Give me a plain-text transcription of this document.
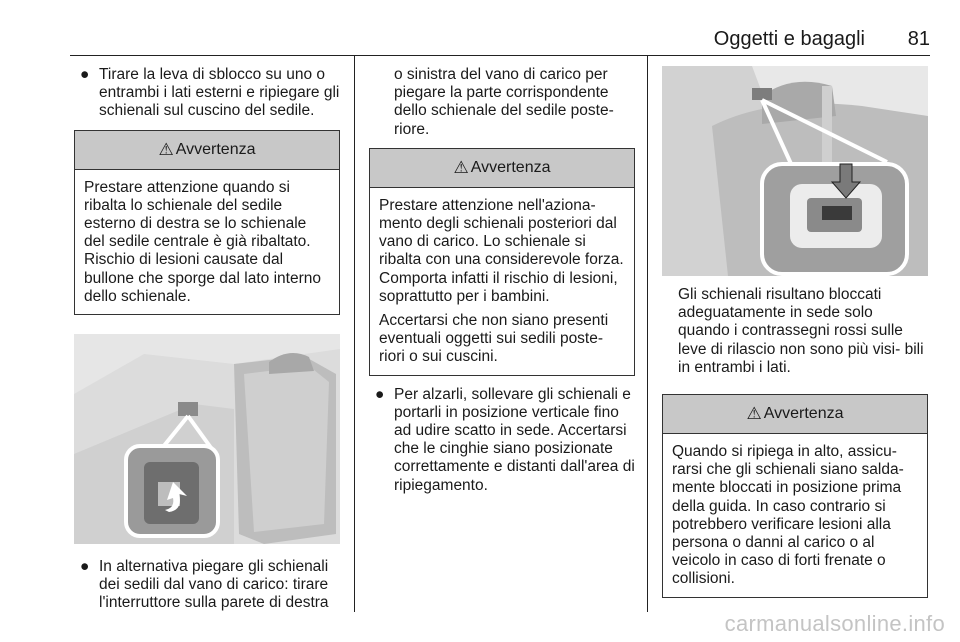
Oggetti e bagagli	81

● Tirare la leva di sblocco su uno o entrambi i lati esterni e ripiegare gli schienali sul cuscino del sedile.

⚠ Avvertenza

Prestare attenzione quando si ribalta lo schienale del sedile esterno di destra se lo schienale del sedile centrale è già ribaltato. Rischio di lesioni causate dal bullone che sporge dal lato interno dello schienale.

● In alternativa piegare gli schienali dei sedili dal vano di carico: tirare l'interruttore sulla parete di destra

o sinistra del vano di carico per piegare la parte corrispondente dello schienale del sedile poste- riore.

⚠ Avvertenza

Prestare attenzione nell'aziona- mento degli schienali posteriori dal vano di carico. Lo schienale si ribalta con una considerevole forza. Comporta infatti il rischio di lesioni, soprattutto per i bambini.

Accertarsi che non siano presenti eventuali oggetti sui sedili poste- riori o sui cuscini.

● Per alzarli, sollevare gli schienali e portarli in posizione verticale fino ad udire scatto in sede. Accertarsi che le cinghie siano posizionate correttamente e distanti dall'area di ripiegamento.

Gli schienali risultano bloccati adeguatamente in sede solo quando i contrassegni rossi sulle leve di rilascio non sono più visi- bili in entrambi i lati.

⚠ Avvertenza

Quando si ripiega in alto, assicu- rarsi che gli schienali siano salda- mente bloccati in posizione prima della guida. In caso contrario si potrebbero verificare lesioni alla persona o danni al carico o al veicolo in caso di forti frenate o collisioni.

carmanualsonline.info
